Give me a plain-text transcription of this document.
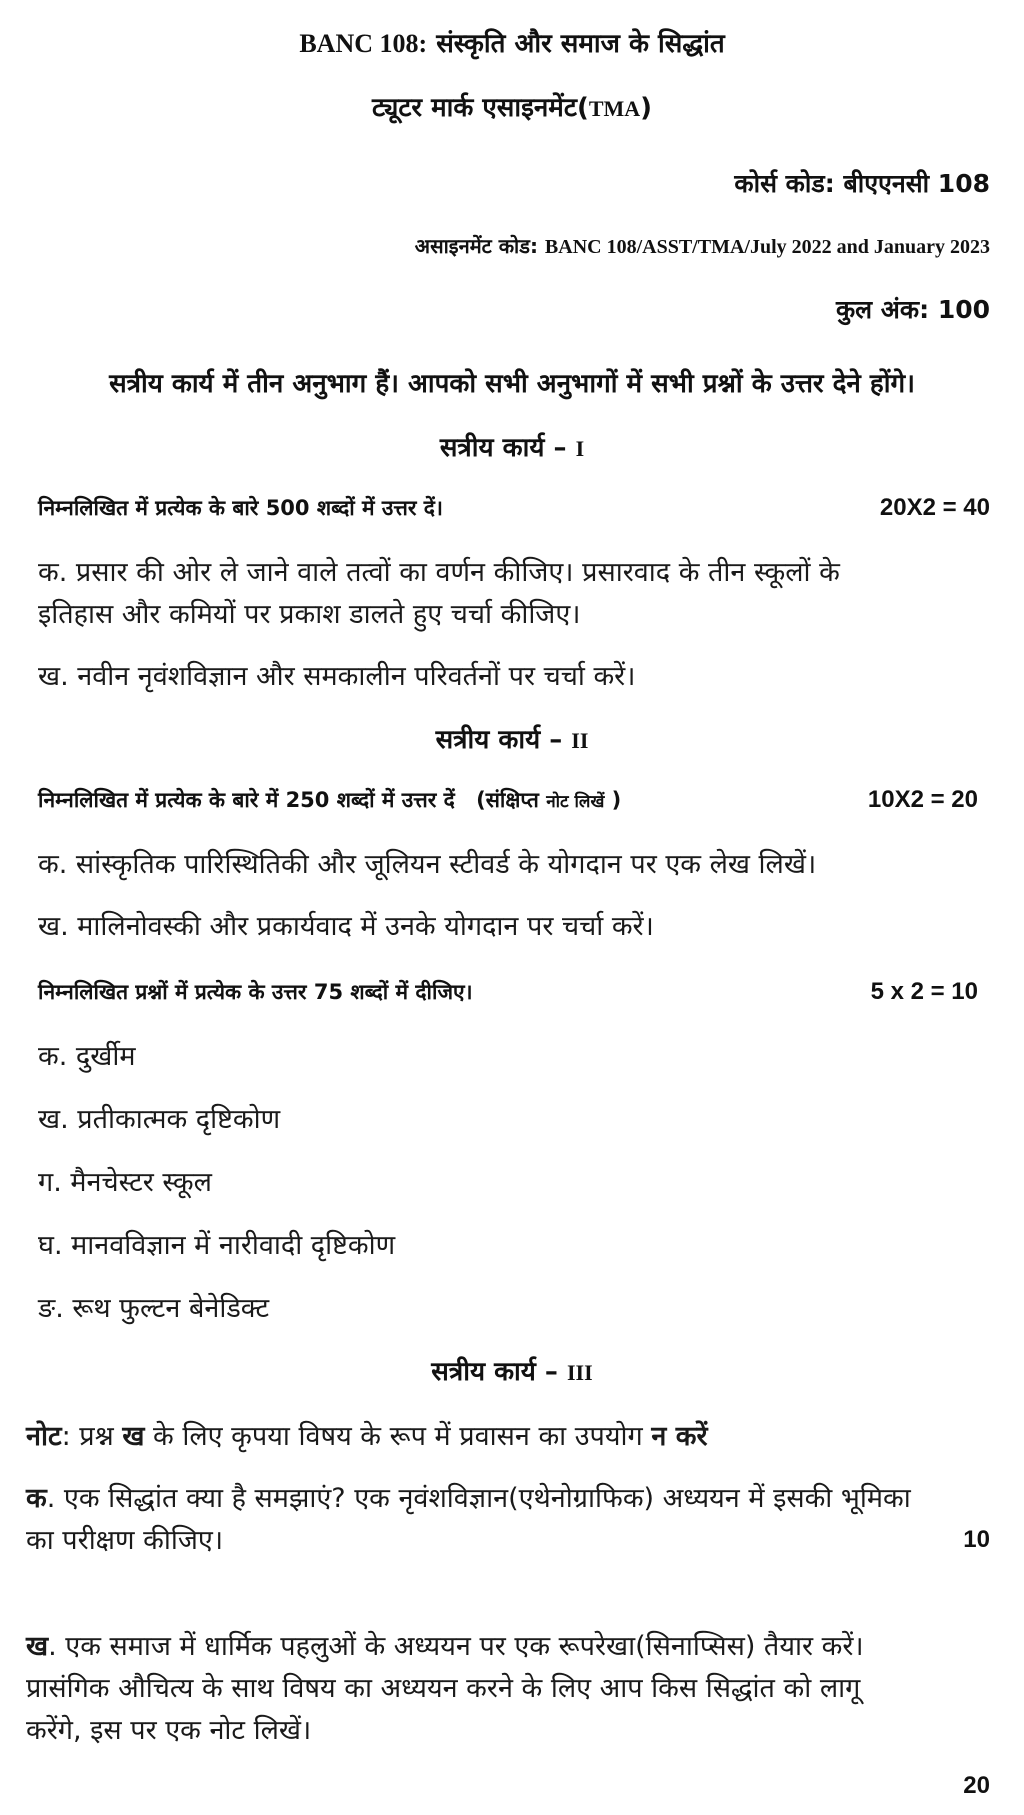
BANC 108: संस्कृति और समाज के सिद्धांत
ट्यूटर मार्क एसाइनमेंट(TMA)
कोर्स कोड: बीएएनसी 108
असाइनमेंट कोड: BANC 108/ASST/TMA/July 2022 and January 2023
कुल अंक: 100
सत्रीय कार्य में तीन अनुभाग हैं। आपको सभी अनुभागों में सभी प्रश्नों के उत्तर देने होंगे।
सत्रीय कार्य – I
निम्नलिखित में प्रत्येक के बारे 500 शब्दों में उत्तर दें।	20X2 = 40
क. प्रसार की ओर ले जाने वाले तत्वों का वर्णन कीजिए। प्रसारवाद के तीन स्कूलों के
इतिहास और कमियों पर प्रकाश डालते हुए चर्चा कीजिए।
ख. नवीन नृवंशविज्ञान और समकालीन परिवर्तनों पर चर्चा करें।
सत्रीय कार्य – II
निम्नलिखित में प्रत्येक के बारे में 250 शब्दों में उत्तर दें (संक्षिप्त नोट लिखें )	10X2 = 20
क. सांस्कृतिक पारिस्थितिकी और जूलियन स्टीवर्ड के योगदान पर एक लेख लिखें।
ख. मालिनोवस्की और प्रकार्यवाद में उनके योगदान पर चर्चा करें।
निम्नलिखित प्रश्नों में प्रत्येक के उत्तर 75 शब्दों में दीजिए।	5 x 2 = 10
क. दुर्खीम
ख. प्रतीकात्मक दृष्टिकोण
ग. मैनचेस्टर स्कूल
घ. मानवविज्ञान में नारीवादी दृष्टिकोण
ङ. रूथ फुल्टन बेनेडिक्ट
सत्रीय कार्य – III
नोट: प्रश्न ख के लिए कृपया विषय के रूप में प्रवासन का उपयोग न करें
क. एक सिद्धांत क्या है समझाएं? एक नृवंशविज्ञान(एथेनोग्राफिक) अध्ययन में इसकी भूमिका
का परीक्षण कीजिए।	10
ख. एक समाज में धार्मिक पहलुओं के अध्ययन पर एक रूपरेखा(सिनाप्सिस) तैयार करें।
प्रासंगिक औचित्य के साथ विषय का अध्ययन करने के लिए आप किस सिद्धांत को लागू
करेंगे, इस पर एक नोट लिखें।
20
